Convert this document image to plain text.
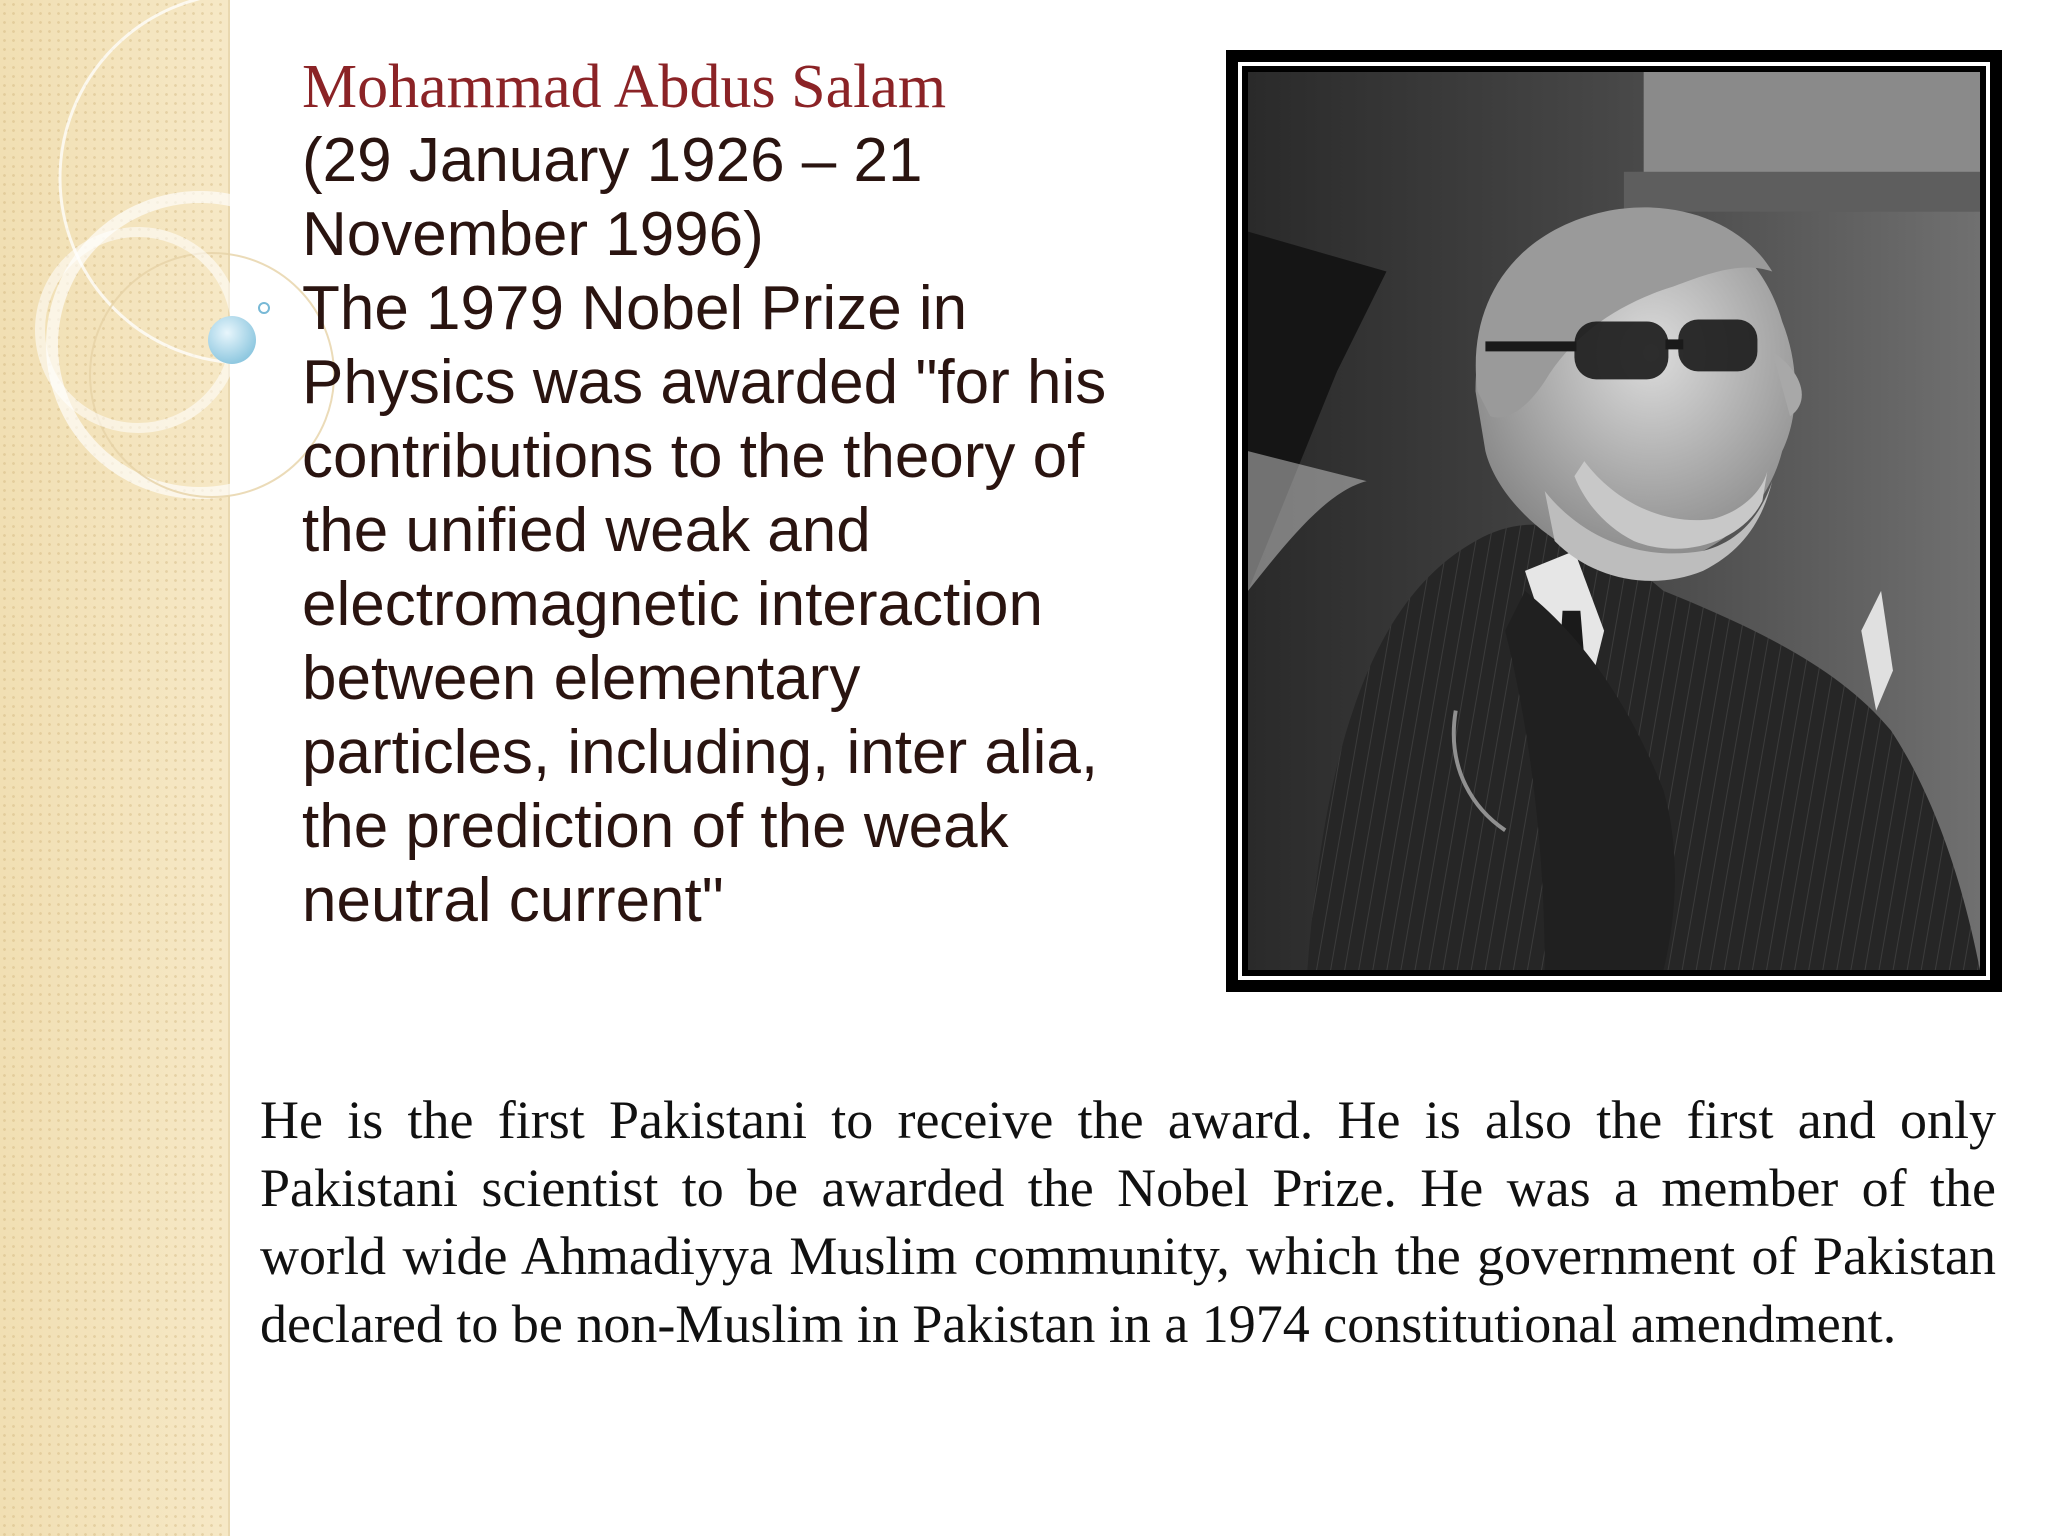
Mohammad Abdus Salam

(29 January 1926 – 21 November 1996)

The 1979 Nobel Prize in Physics was awarded "for his contributions to the theory of the unified weak and electromagnetic interaction between elementary particles, including, inter alia, the prediction of the weak neutral current"

He is the first Pakistani to receive the award. He is also the first and only Pakistani scientist to be awarded the Nobel Prize. He was a member of the world wide Ahmadiyya Muslim community, which the government of Pakistan declared to be non-Muslim in Pakistan in a 1974 constitutional amendment.
